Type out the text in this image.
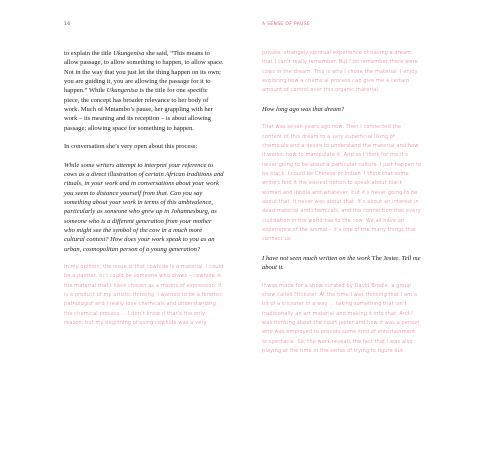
16	A SENSE OF PAUSE

to explain the title Ukungenisa she said, “This means to allow passage, to allow something to happen, to allow space. Not in the way that you just let the thing happen on its own; you are guiding it, you are allowing the passage for it to happen.” While Ukungenisa is the title for one specific piece, the concept has broader relevance to her body of work. Much of Mntambo’s pause, her grappling with her work – its meaning and its reception – is about allowing passage; allowing space for something to happen.

In conversation she’s very open about this process:

While some writers attempt to interpret your reference to cows as a direct illustration of certain African traditions and rituals, in your work and in conversations about your work you seem to distance yourself from that. Can you say something about your work in terms of this ambivalence, particularly as someone who grew up in Johannesburg, as someone who is a different generation from your mother who might see the symbol of the cow in a much more cultural context? How does your work speak to you as an urban, cosmopolitan person of a young generation?

In my opinion, the issue is that cowhide is a material. I could be a painter, or I could be someone who draws – cowhide is the material that I have chosen as a means of expression. It is a product of my artistic thinking. I wanted to be a forensic pathologist and I really love chemicals and understanding the chemical process ... I don’t know if that’s the only reason, but my beginning of using cowhide was a very

private, strangely spiritual experience of having a dream that I can’t really remember. But I do remember there were cows in the dream. This is why I chose the material. I enjoy exploring how a chemical process can give me a certain amount of control over this organic material.

How long ago was that dream?

That was seven years ago now. Then I connected the content of this dream to a very superficial liking of chemicals and a desire to understand the material and how it works, how to manipulate it. And so I think for me it’s never going to be about a particular culture. I just happen to be black; I could be Chinese or Indian. I think that some writers find it the easiest option to speak about black women and ibbola and whatever, but it’s never going to be about that. It never was about that. It’s about an interest in dead material and chemicals, and the connection that every civilisation in the world has to the cow. We all have an experience of the animal – it’s one of the many things that connect us.

I have not seen much written on the work The Jester. Tell me about it.

It was made for a show curated by David Brodie, a group show called Trickster. At the time I was thinking that I am a bit of a trickster in a way ... taking something that isn’t traditionally an art material and making it into that. And I was thinking about the court jester and how it was a person who was employed to provide some kind of entertainment or spectacle. So, the work reveals the fact that I was also playing at the time in the sense of trying to figure out
